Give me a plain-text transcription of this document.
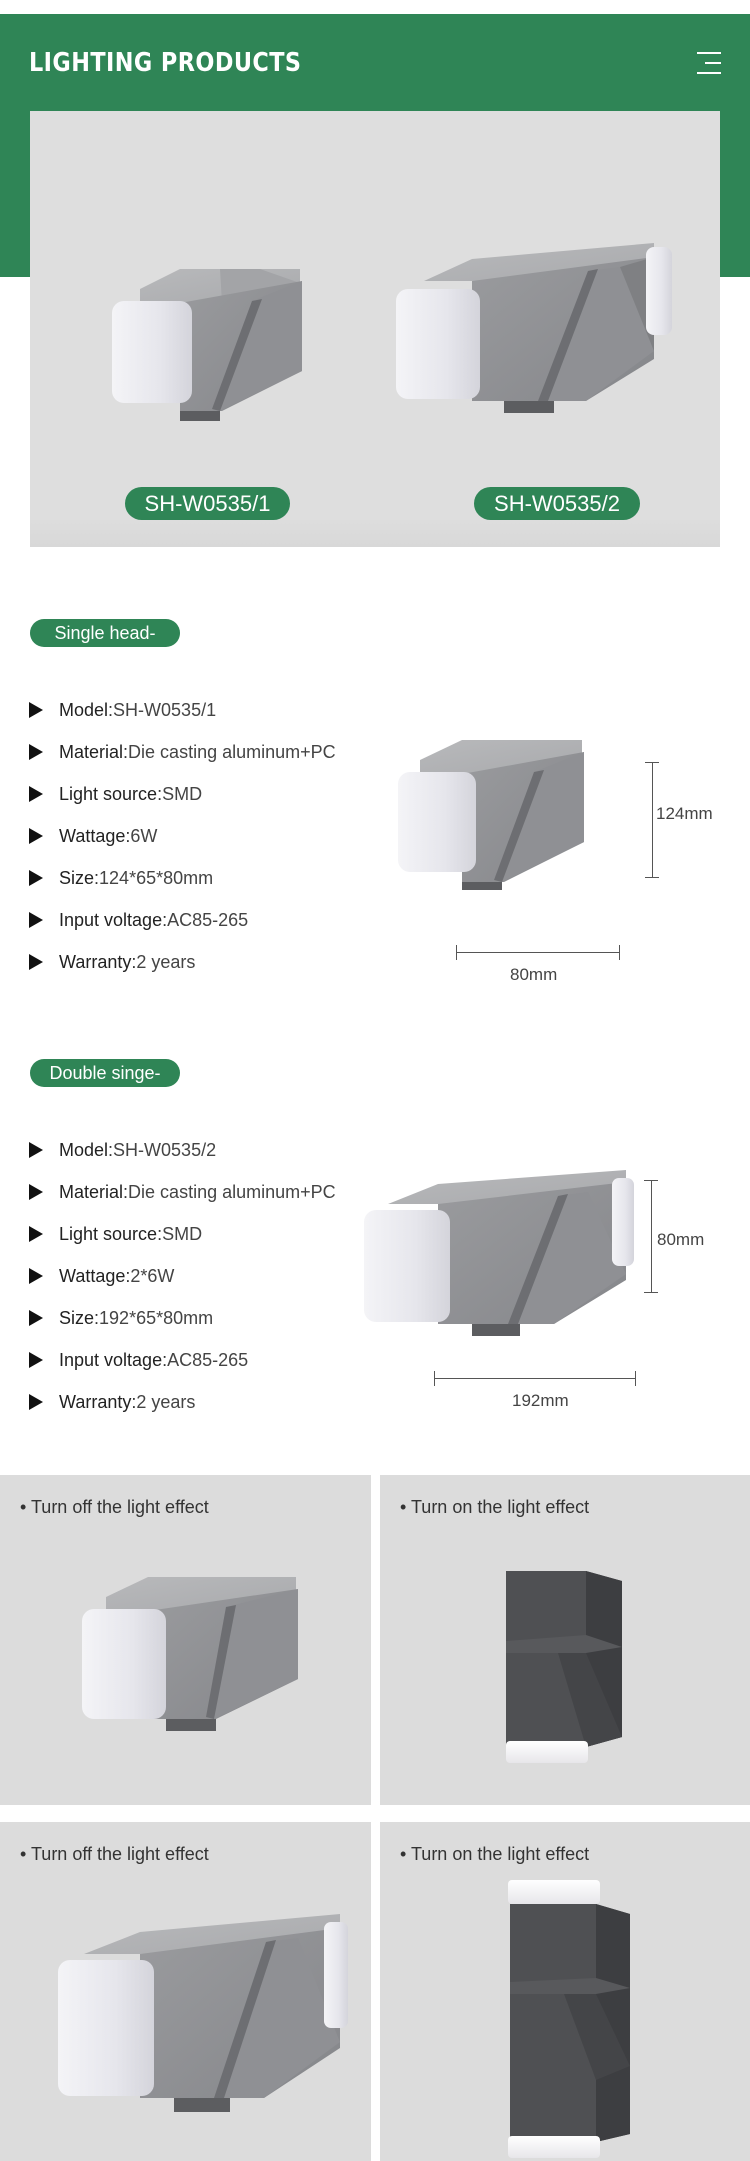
LIGHTING PRODUCTS
SH-W0535/1	SH-W0535/2
Single head-
Model : SH-W0535/1
Material : Die casting aluminum+PC
Light source : SMD
Wattage : 6W
Size : 124*65*80mm
Input voltage : AC85-265
Warranty : 2 years
124mm
80mm
Double singe-
Model : SH-W0535/2
Material : Die casting aluminum+PC
Light source : SMD
Wattage : 2*6W
Size : 192*65*80mm
Input voltage : AC85-265
Warranty : 2 years
80mm
192mm
• Turn off the light effect	• Turn on the light effect
• Turn off the light effect	• Turn on the light effect
